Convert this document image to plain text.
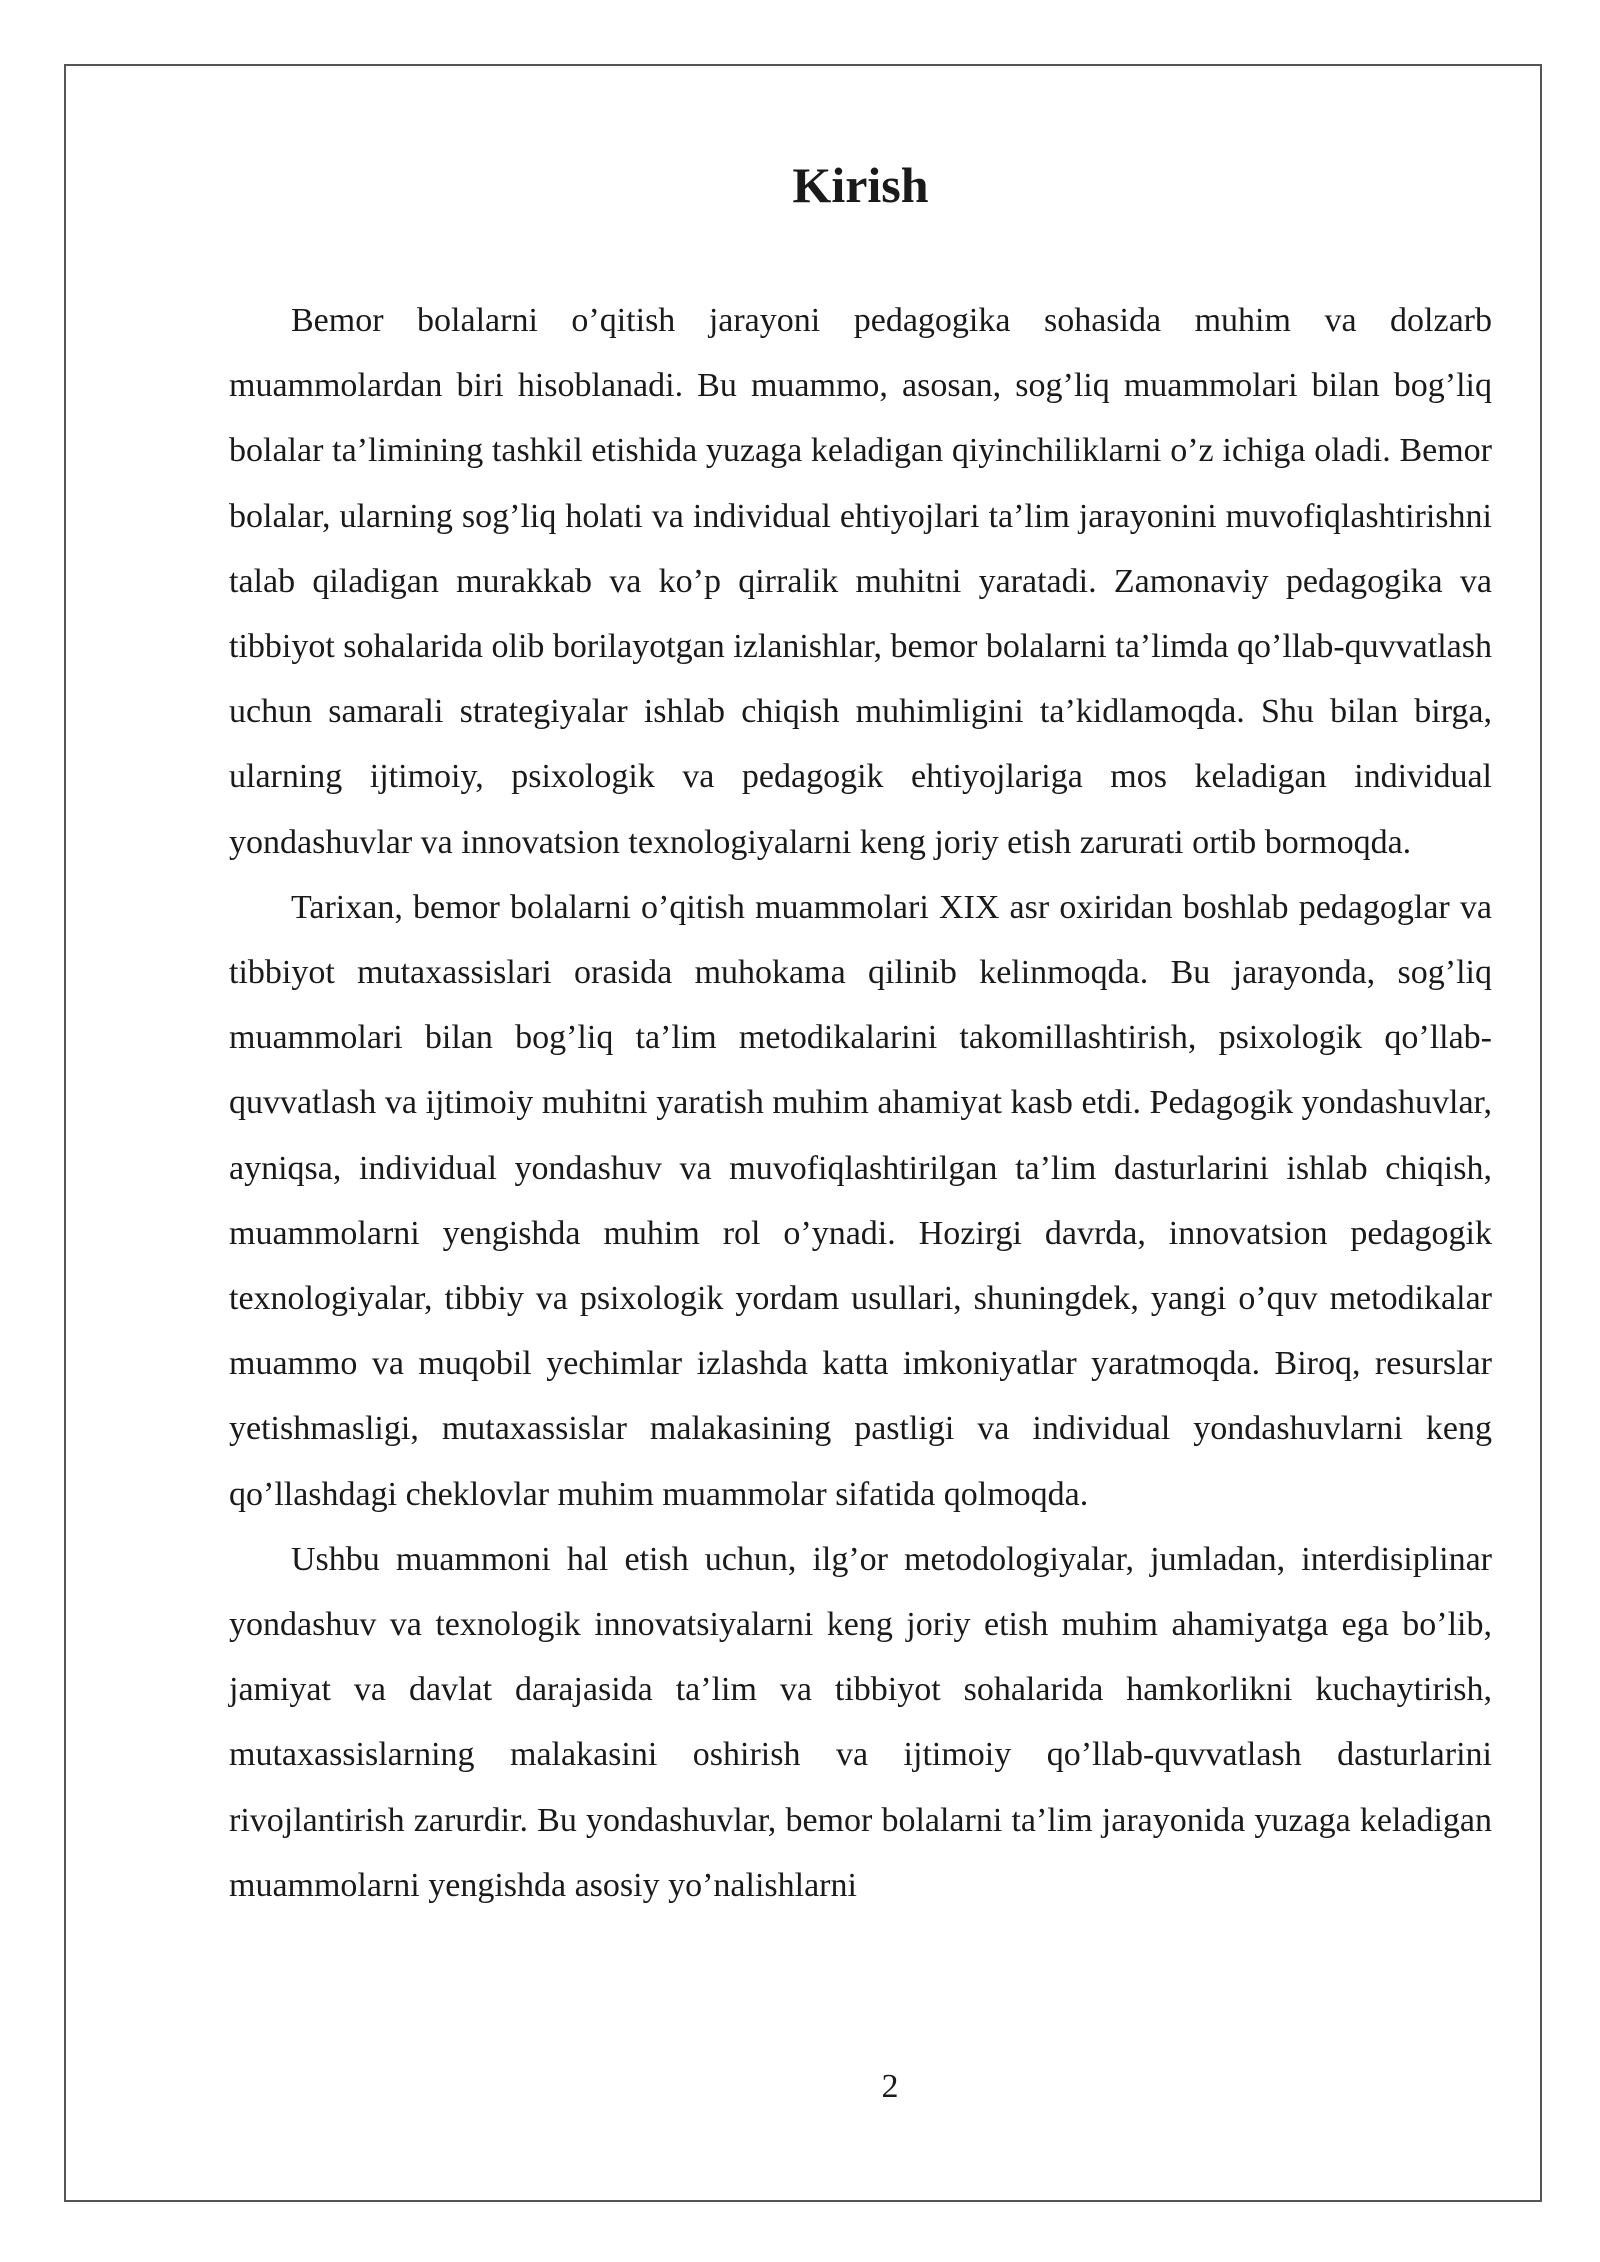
Kirish

Bemor bolalarni o’qitish jarayoni pedagogika sohasida muhim va dolzarb muammolardan biri hisoblanadi. Bu muammo, asosan, sog’liq muammolari bilan bog’liq bolalar ta’limining tashkil etishida yuzaga keladigan qiyinchiliklarni o’z ichiga oladi. Bemor bolalar, ularning sog’liq holati va individual ehtiyojlari ta’lim jarayonini muvofiqlashtirishni talab qiladigan murakkab va ko’p qirralik muhitni yaratadi. Zamonaviy pedagogika va tibbiyot sohalarida olib borilayotgan izlanishlar, bemor bolalarni ta’limda qo’llab-quvvatlash uchun samarali strategiyalar ishlab chiqish muhimligini ta’kidlamoqda. Shu bilan birga, ularning ijtimoiy, psixologik va pedagogik ehtiyojlariga mos keladigan individual yondashuvlar va innovatsion texnologiyalarni keng joriy etish zarurati ortib bormoqda.

Tarixan, bemor bolalarni o’qitish muammolari XIX asr oxiridan boshlab pedagoglar va tibbiyot mutaxassislari orasida muhokama qilinib kelinmoqda. Bu jarayonda, sog’liq muammolari bilan bog’liq ta’lim metodikalarini takomillashtirish, psixologik qo’llab-quvvatlash va ijtimoiy muhitni yaratish muhim ahamiyat kasb etdi. Pedagogik yondashuvlar, ayniqsa, individual yondashuv va muvofiqlashtirilgan ta’lim dasturlarini ishlab chiqish, muammolarni yengishda muhim rol o’ynadi. Hozirgi davrda, innovatsion pedagogik texnologiyalar, tibbiy va psixologik yordam usullari, shuningdek, yangi o’quv metodikalar muammo va muqobil yechimlar izlashda katta imkoniyatlar yaratmoqda. Biroq, resurslar yetishmasligi, mutaxassislar malakasining pastligi va individual yondashuvlarni keng qo’llashdagi cheklovlar muhim muammolar sifatida qolmoqda.

Ushbu muammoni hal etish uchun, ilg’or metodologiyalar, jumladan, interdisiplinar yondashuv va texnologik innovatsiyalarni keng joriy etish muhim ahamiyatga ega bo’lib, jamiyat va davlat darajasida ta’lim va tibbiyot sohalarida hamkorlikni kuchaytirish, mutaxassislarning malakasini oshirish va ijtimoiy qo’llab-quvvatlash dasturlarini rivojlantirish zarurdir. Bu yondashuvlar, bemor bolalarni ta’lim jarayonida yuzaga keladigan muammolarni yengishda asosiy yo’nalishlarni

2
